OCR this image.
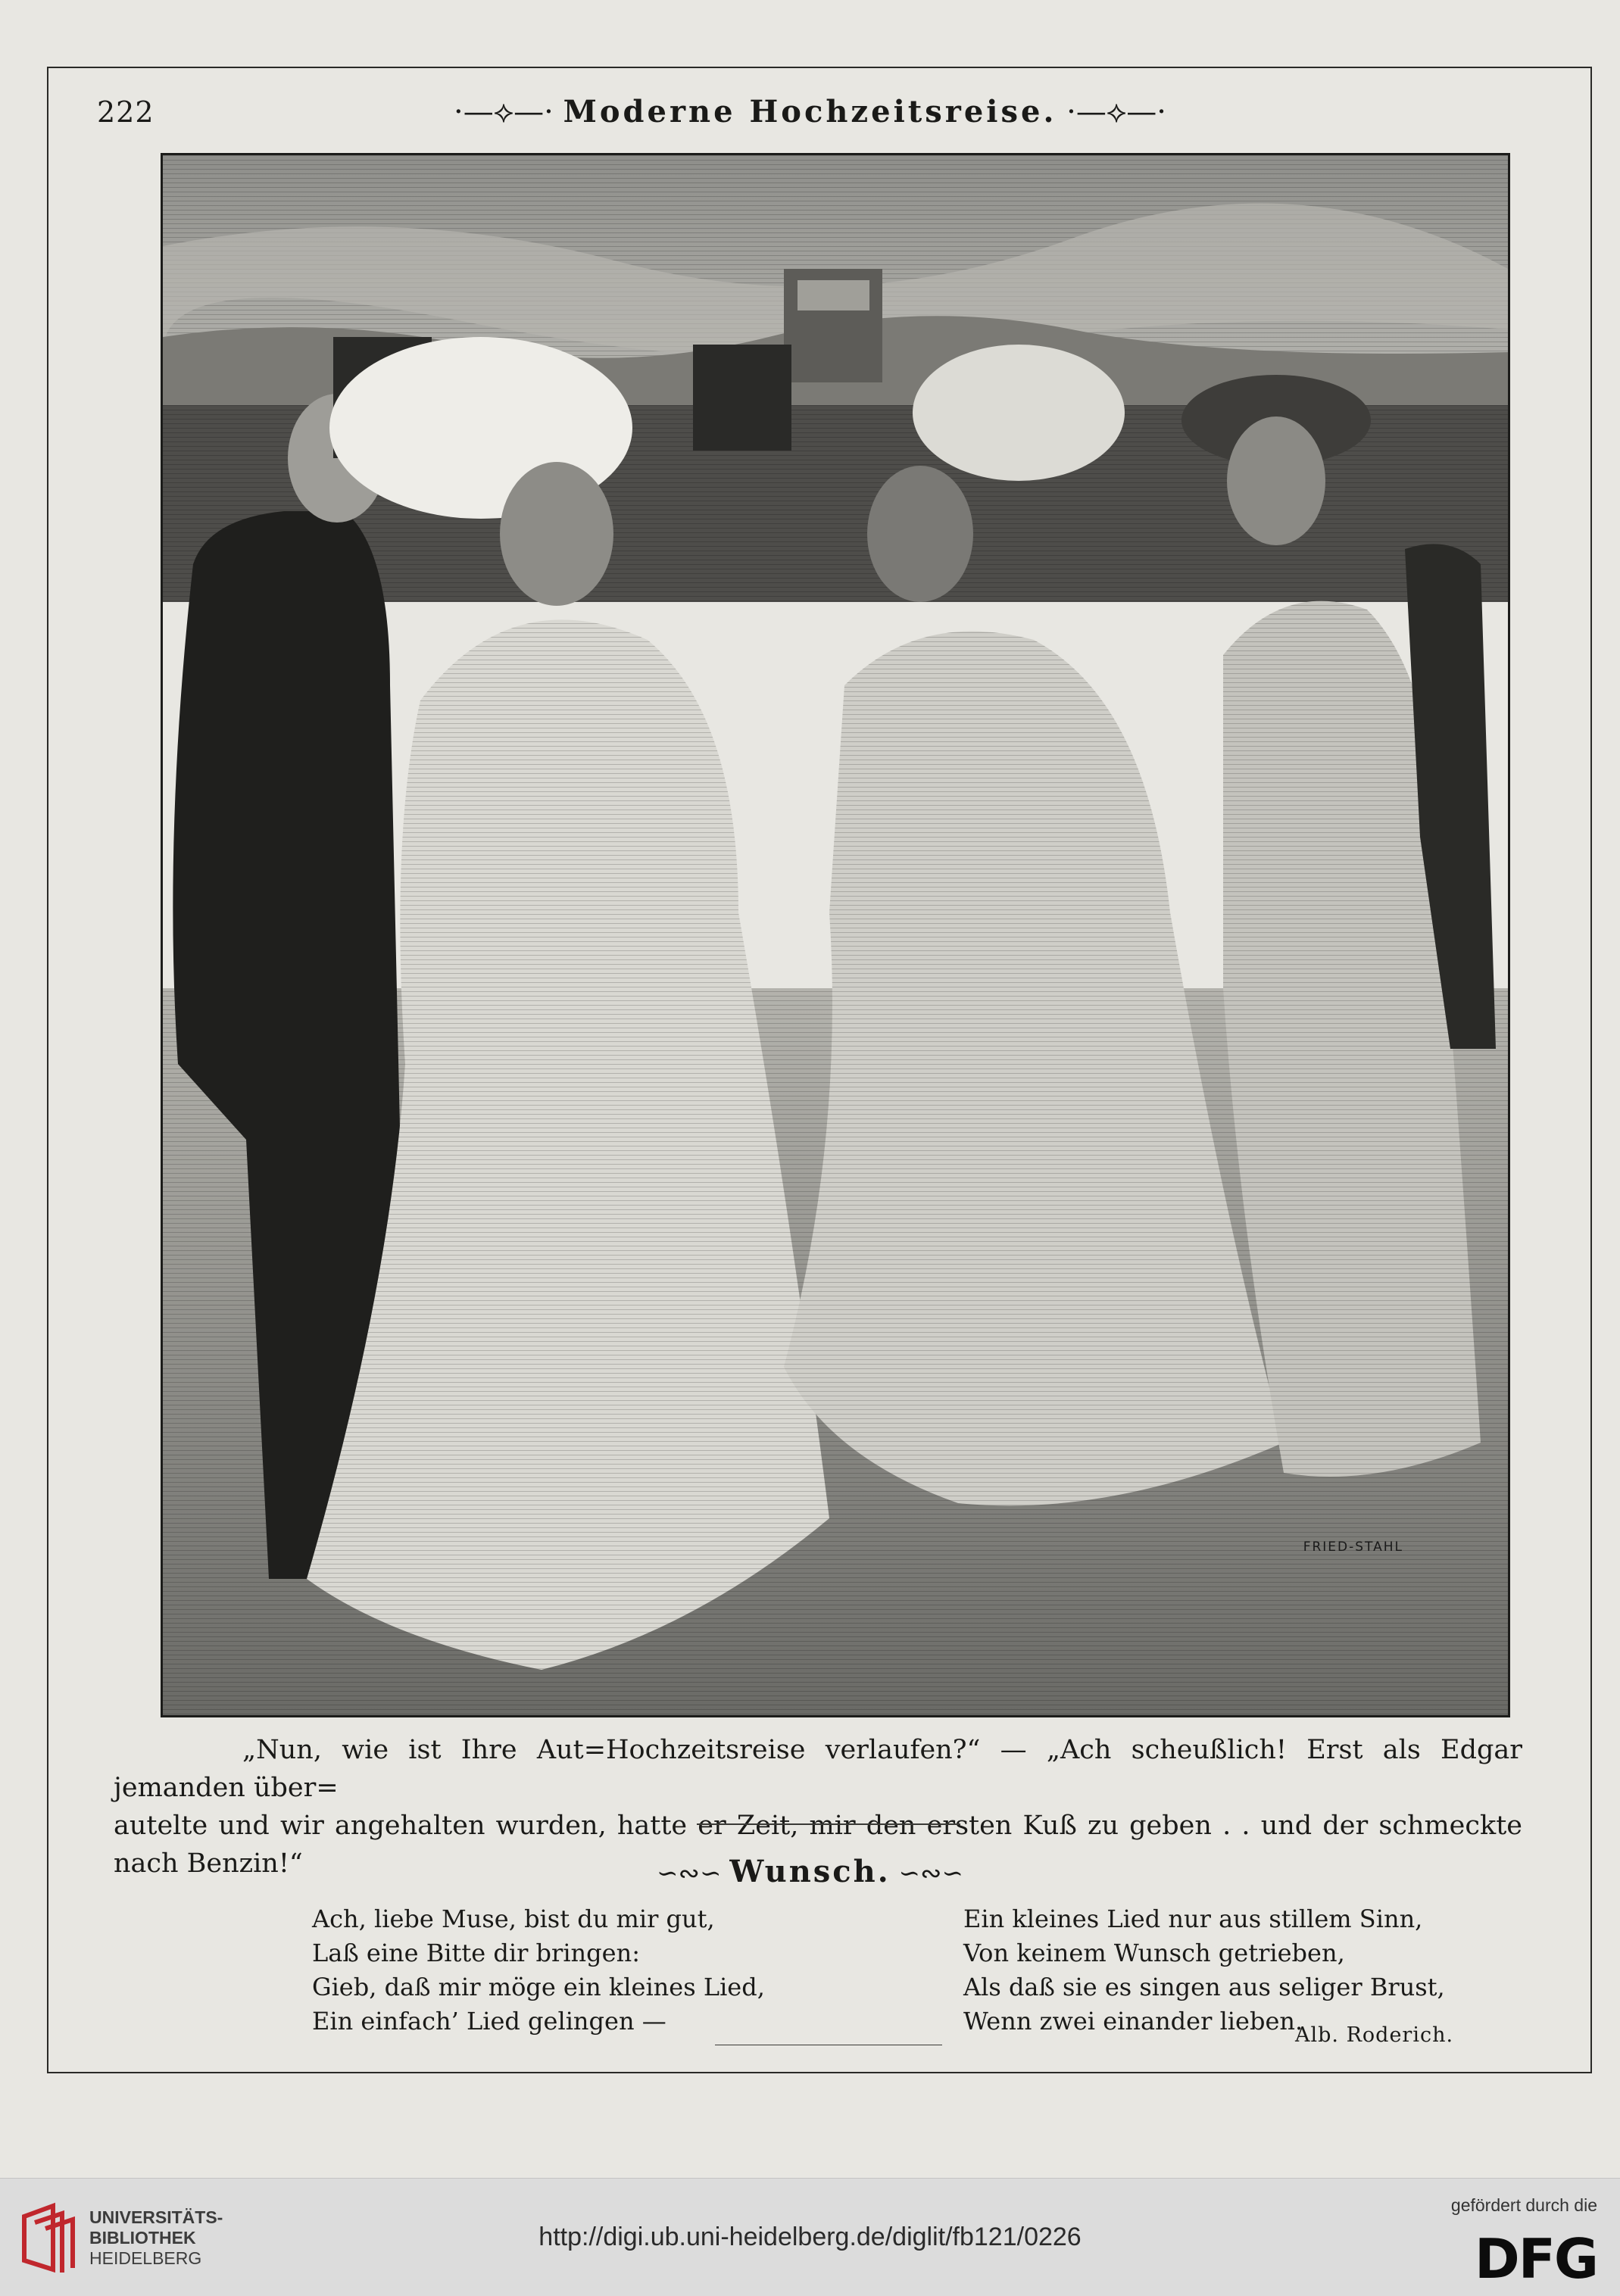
222	·—⟡—· Moderne Hochzeitsreise. ·—⟡—·
FRIED-STAHL
„Nun, wie ist Ihre Aut=Hochzeitsreise verlaufen?“ — „Ach scheußlich! Erst als Edgar jemanden über=
autelte und wir angehalten wurden, hatte er Zeit, mir den ersten Kuß zu geben . . und der schmeckte nach Benzin!“	∽∾∽ Wunsch. ∽∾∽
Ach, liebe Muse, bist du mir gut,
Laß eine Bitte dir bringen:
Gieb, daß mir möge ein kleines Lied,
Ein einfach’ Lied gelingen —
Ein kleines Lied nur aus stillem Sinn,
Von keinem Wunsch getrieben,
Als daß sie es singen aus seliger Brust,
Wenn zwei einander lieben.
Alb. Roderich.
UNIVERSITÄTS-
BIBLIOTHEK
HEIDELBERG
http://digi.ub.uni-heidelberg.de/diglit/fb121/0226
gefördert durch die
DFG
